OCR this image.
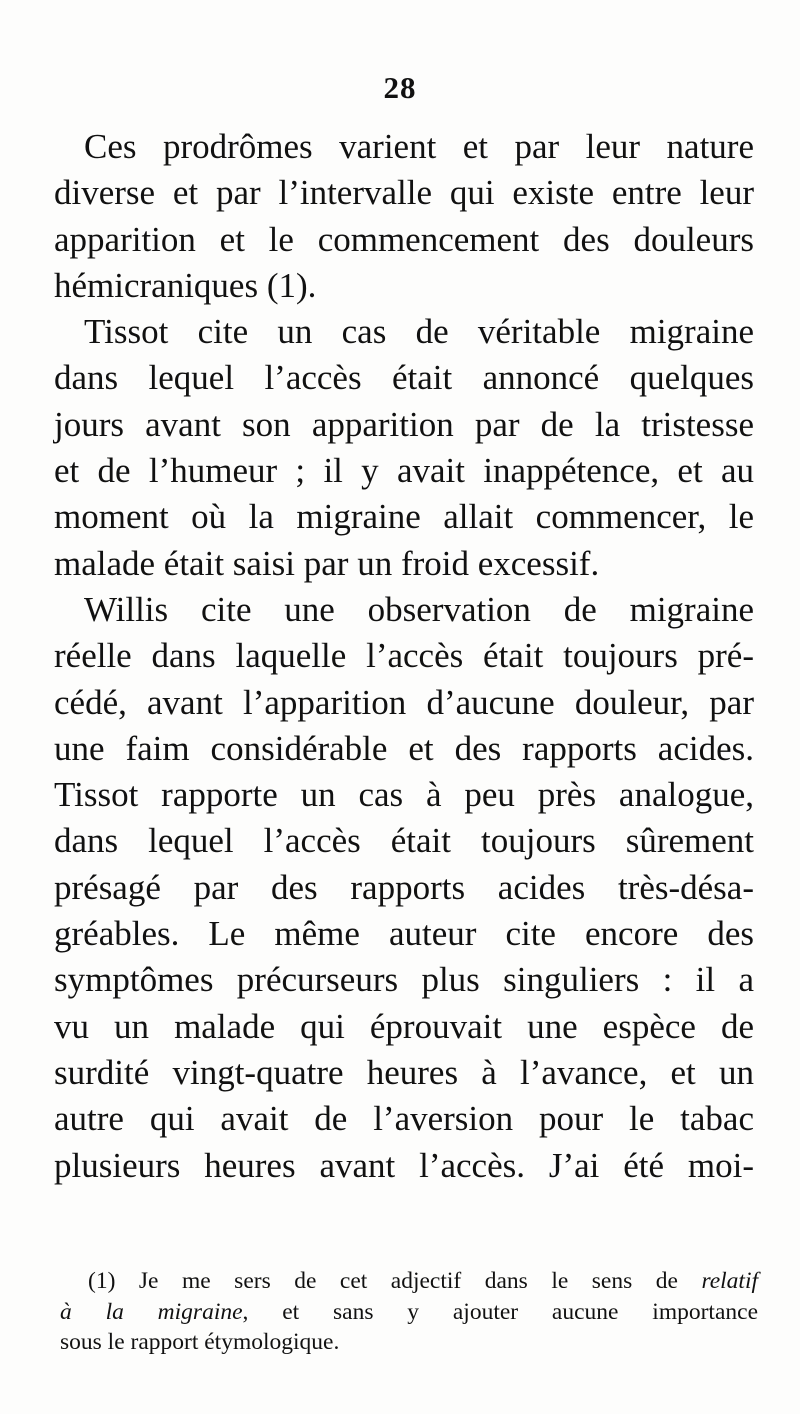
28
Ces prodrômes varient et par leur nature
diverse et par l’intervalle qui existe entre leur
apparition et le commencement des douleurs
hémicraniques (1).
Tissot cite un cas de véritable migraine
dans lequel l’accès était annoncé quelques
jours avant son apparition par de la tristesse
et de l’humeur ; il y avait inappétence, et au
moment où la migraine allait commencer, le
malade était saisi par un froid excessif.
Willis cite une observation de migraine
réelle dans laquelle l’accès était toujours pré-
cédé, avant l’apparition d’aucune douleur, par
une faim considérable et des rapports acides.
Tissot rapporte un cas à peu près analogue,
dans lequel l’accès était toujours sûrement
présagé par des rapports acides très-désa-
gréables. Le même auteur cite encore des
symptômes précurseurs plus singuliers : il a
vu un malade qui éprouvait une espèce de
surdité vingt-quatre heures à l’avance, et un
autre qui avait de l’aversion pour le tabac
plusieurs heures avant l’accès. J’ai été moi-
(1) Je me sers de cet adjectif dans le sens de relatif
à la migraine, et sans y ajouter aucune importance
sous le rapport étymologique.
